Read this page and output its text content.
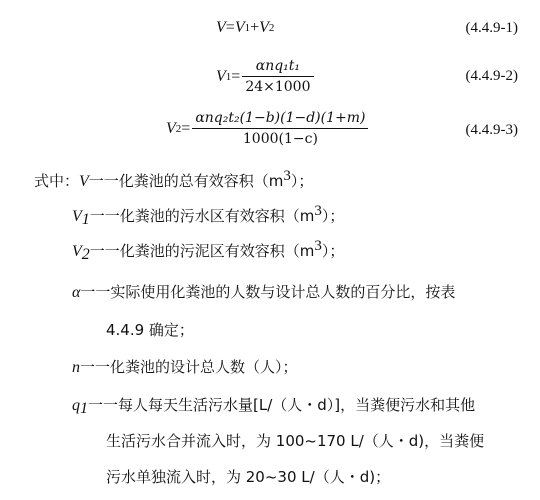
V = V 1 + V 2	(4.4.9-1)
V $1 = \frac{\text{αnq₁t₁}}{24\times 1000}$	(4.4.9-2)
V $2 = \frac{\text{αnq₂t₂(1−b)(1−d)(1+m)}}{1000(1-c)}$	(4.4.9-3)
式中：V一一化粪池的总有效容积$(m^3)$；
$V_1$一一化粪池的污水区有效容积$(m^3)$；
$V_2$一一化粪池的污泥区有效容积$(m^3)$；
α一一实际使用化粪池的人数与设计总人数的百分比，按表
4.4.9 确定；
n一一化粪池的设计总人数（人）；
$q_1$一一每人每天生活污水量[L/（人・d）]，当粪便污水和其他
生活污水合并流入时，为 100~170 L/（人・d)，当粪便
污水单独流入时，为 20~30 L/（人・d)；
